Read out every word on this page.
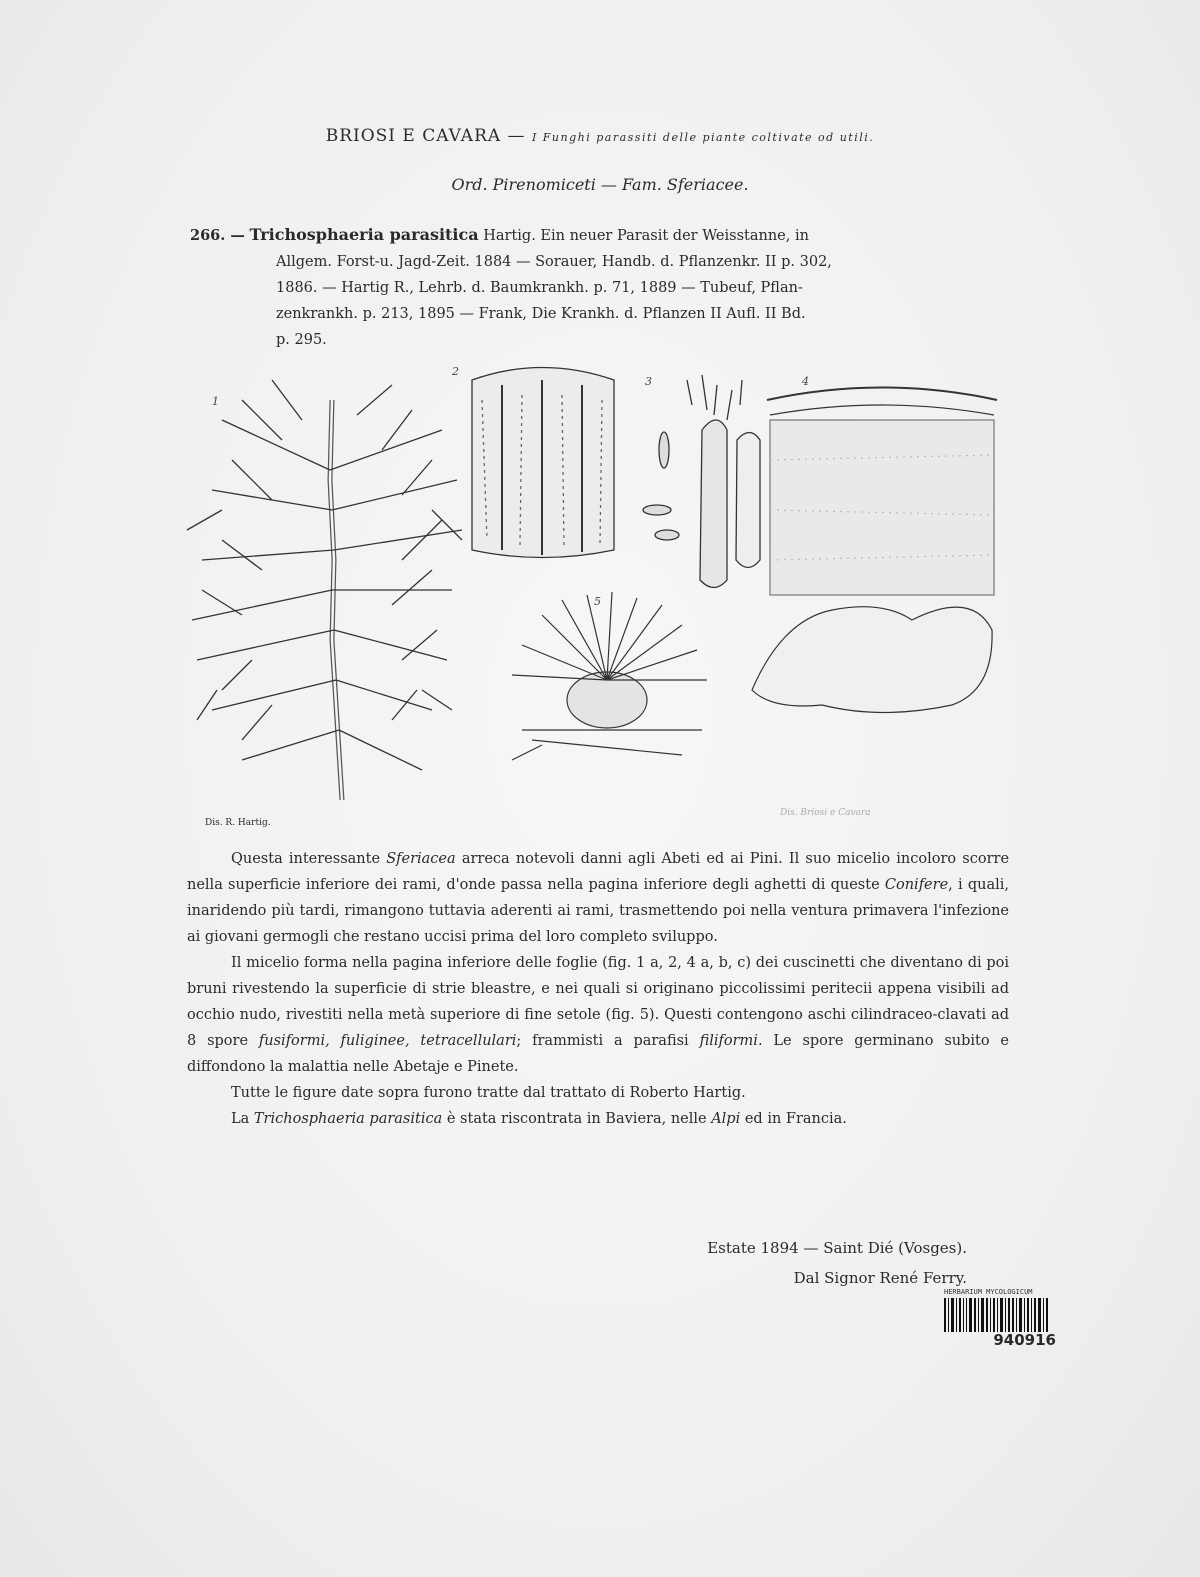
BRIOSI E CAVARA — I Funghi parassiti delle piante coltivate od utili.
Ord. Pirenomiceti — Fam. Sferiacee.
266. — Trichosphaeria parasitica Hartig. Ein neuer Parasit der Weisstanne, in
Allgem. Forst-u. Jagd-Zeit. 1884 — Sorauer, Handb. d. Pflanzenkr. II p. 302,
1886. — Hartig R., Lehrb. d. Baumkrankh. p. 71, 1889 — Tubeuf, Pflan-
zenkrankh. p. 213, 1895 — Frank, Die Krankh. d. Pflanzen II Aufl. II Bd.
p. 295.
1
2
3	4
5
Dis. R. Hartig.
Dis. Briosi e Cavara

Questa interessante Sferiacea arreca notevoli danni agli Abeti ed ai Pini. Il suo micelio incoloro scorre nella superficie inferiore dei rami, d'onde passa nella pagina inferiore degli aghetti di queste Conifere, i quali, inaridendo più tardi, rimangono tuttavia aderenti ai rami, trasmettendo poi nella ventura primavera l'infezione ai giovani germogli che restano uccisi prima del loro completo sviluppo.

Il micelio forma nella pagina inferiore delle foglie (fig. 1 a, 2, 4 a, b, c) dei cuscinetti che diventano di poi bruni rivestendo la superficie di strie bleastre, e nei quali si originano piccolissimi peritecii appena visibili ad occhio nudo, rivestiti nella metà superiore di fine setole (fig. 5). Questi contengono aschi cilindraceo-clavati ad 8 spore fusiformi, fuliginee, tetracellulari; frammisti a parafisi filiformi. Le spore germinano subito e diffondono la malattia nelle Abetaje e Pinete.

Tutte le figure date sopra furono tratte dal trattato di Roberto Hartig.

La Trichosphaeria parasitica è stata riscontrata in Baviera, nelle Alpi ed in Francia.

Estate 1894 — Saint Dié (Vosges).
Dal Signor René Ferry.
HERBARIUM MYCOLOGICUM
940916
